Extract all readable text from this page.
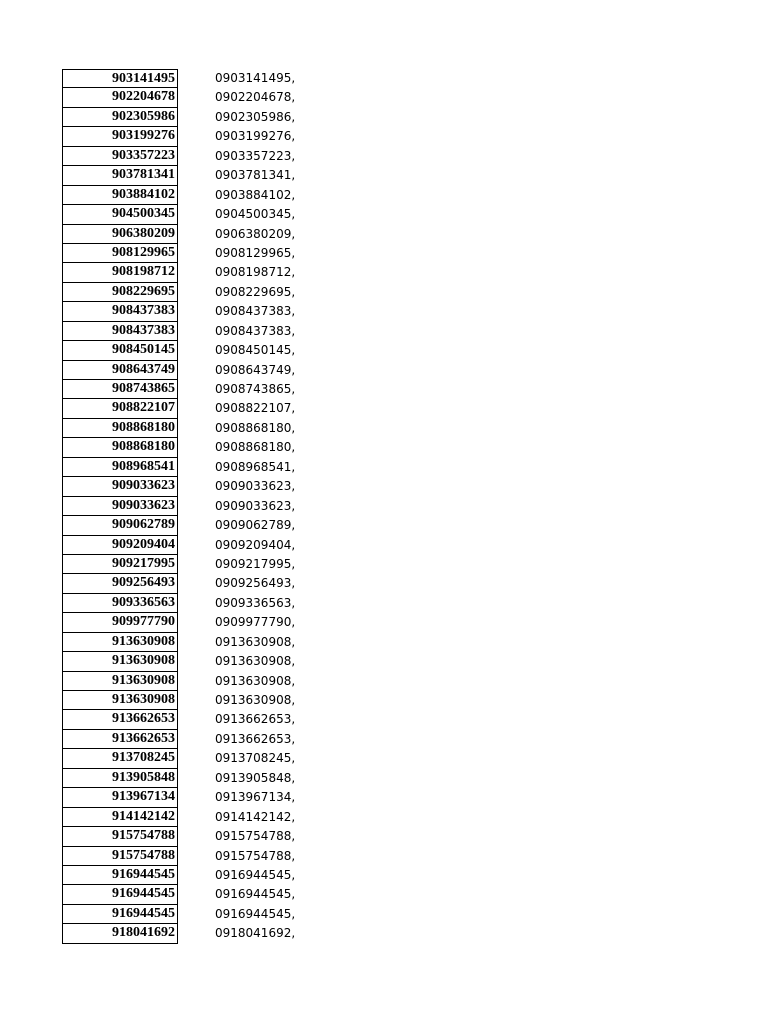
903141495	0903141495,
902204678	0902204678,
902305986	0902305986,
903199276	0903199276,
903357223	0903357223,
903781341	0903781341,
903884102	0903884102,
904500345	0904500345,
906380209	0906380209,
908129965	0908129965,
908198712	0908198712,
908229695	0908229695,
908437383	0908437383,
908437383	0908437383,
908450145	0908450145,
908643749	0908643749,
908743865	0908743865,
908822107	0908822107,
908868180	0908868180,
908868180	0908868180,
908968541	0908968541,
909033623	0909033623,
909033623	0909033623,
909062789	0909062789,
909209404	0909209404,
909217995	0909217995,
909256493	0909256493,
909336563	0909336563,
909977790	0909977790,
913630908	0913630908,
913630908	0913630908,
913630908	0913630908,
913630908	0913630908,
913662653	0913662653,
913662653	0913662653,
913708245	0913708245,
913905848	0913905848,
913967134	0913967134,
914142142	0914142142,
915754788	0915754788,
915754788	0915754788,
916944545	0916944545,
916944545	0916944545,
916944545	0916944545,
918041692	0918041692,
